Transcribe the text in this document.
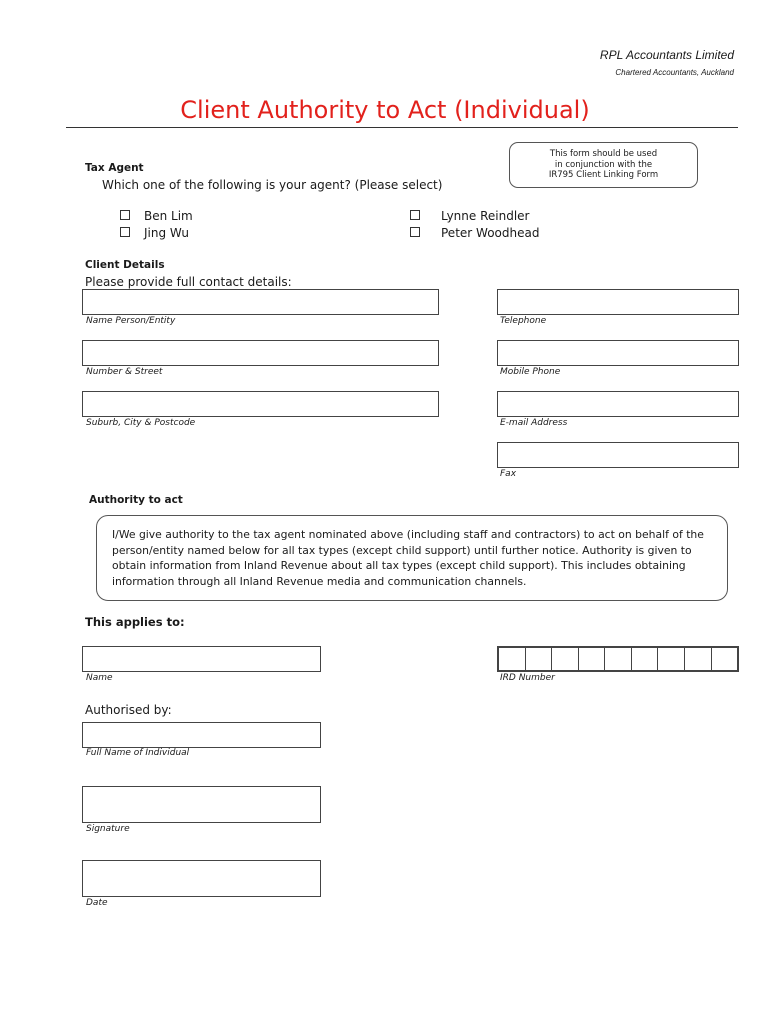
RPL Accountants Limited
Chartered Accountants, Auckland
Client Authority to Act (Individual)
This form should be used
in conjunction with the
IR795 Client Linking Form
Tax Agent
Which one of the following is your agent? (Please select)
Ben Lim
Jing Wu
Lynne Reindler
Peter Woodhead
Client Details
Please provide full contact details:
Name Person/Entity
Number & Street
Suburb, City & Postcode
Telephone
Mobile Phone
E-mail Address
Fax
Authority to act
I/We give authority to the tax agent nominated above (including staff and contractors) to act on behalf of the
person/entity named below for all tax types (except child support) until further notice. Authority is given to
obtain information from Inland Revenue about all tax types (except child support). This includes obtaining
information through all Inland Revenue media and communication channels.
This applies to:
Name	IRD Number
Authorised by:
Full Name of Individual
Signature
Date
